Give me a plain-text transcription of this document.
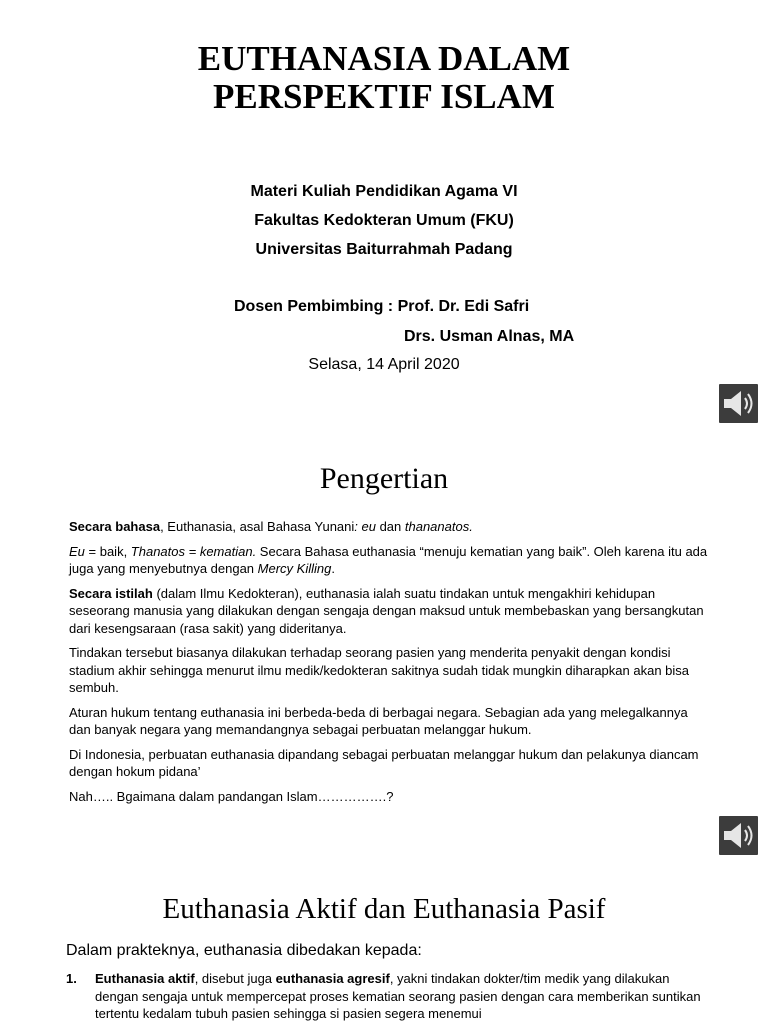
EUTHANASIA DALAM
PERSPEKTIF ISLAM
Materi Kuliah Pendidikan Agama VI
Fakultas Kedokteran Umum (FKU)
Universitas Baiturrahmah Padang
Dosen Pembimbing : Prof. Dr. Edi Safri
Drs. Usman Alnas, MA
Selasa, 14 April 2020
Pengertian

Secara bahasa, Euthanasia, asal Bahasa Yunani: eu dan thananatos.

Eu = baik, Thanatos = kematian. Secara Bahasa euthanasia “menuju kematian yang baik”. Oleh karena itu ada juga yang menyebutnya dengan Mercy Killing.

Secara istilah (dalam Ilmu Kedokteran), euthanasia ialah suatu tindakan untuk mengakhiri kehidupan seseorang manusia yang dilakukan dengan sengaja dengan maksud untuk membebaskan yang bersangkutan dari kesengsaraan (rasa sakit) yang dideritanya.

Tindakan tersebut biasanya dilakukan terhadap seorang pasien yang menderita penyakit dengan kondisi stadium akhir sehingga menurut ilmu medik/kedokteran sakitnya sudah tidak mungkin diharapkan akan bisa sembuh.

Aturan hukum tentang euthanasia ini berbeda-beda di berbagai negara. Sebagian ada yang melegalkannya dan banyak negara yang memandangnya sebagai perbuatan melanggar hukum.

Di Indonesia, perbuatan euthanasia dipandang sebagai perbuatan melanggar hukum dan pelakunya diancam dengan hokum pidana’

Nah….. Bgaimana dalam pandangan Islam…………….?

Euthanasia Aktif dan Euthanasia Pasif
Dalam prakteknya, euthanasia dibedakan kepada:
1. Euthanasia aktif, disebut juga euthanasia agresif, yakni tindakan dokter/tim medik yang dilakukan dengan sengaja untuk mempercepat proses kematian seorang pasien dengan cara memberikan suntikan tertentu kedalam tubuh pasien sehingga si pasien segera menemui
